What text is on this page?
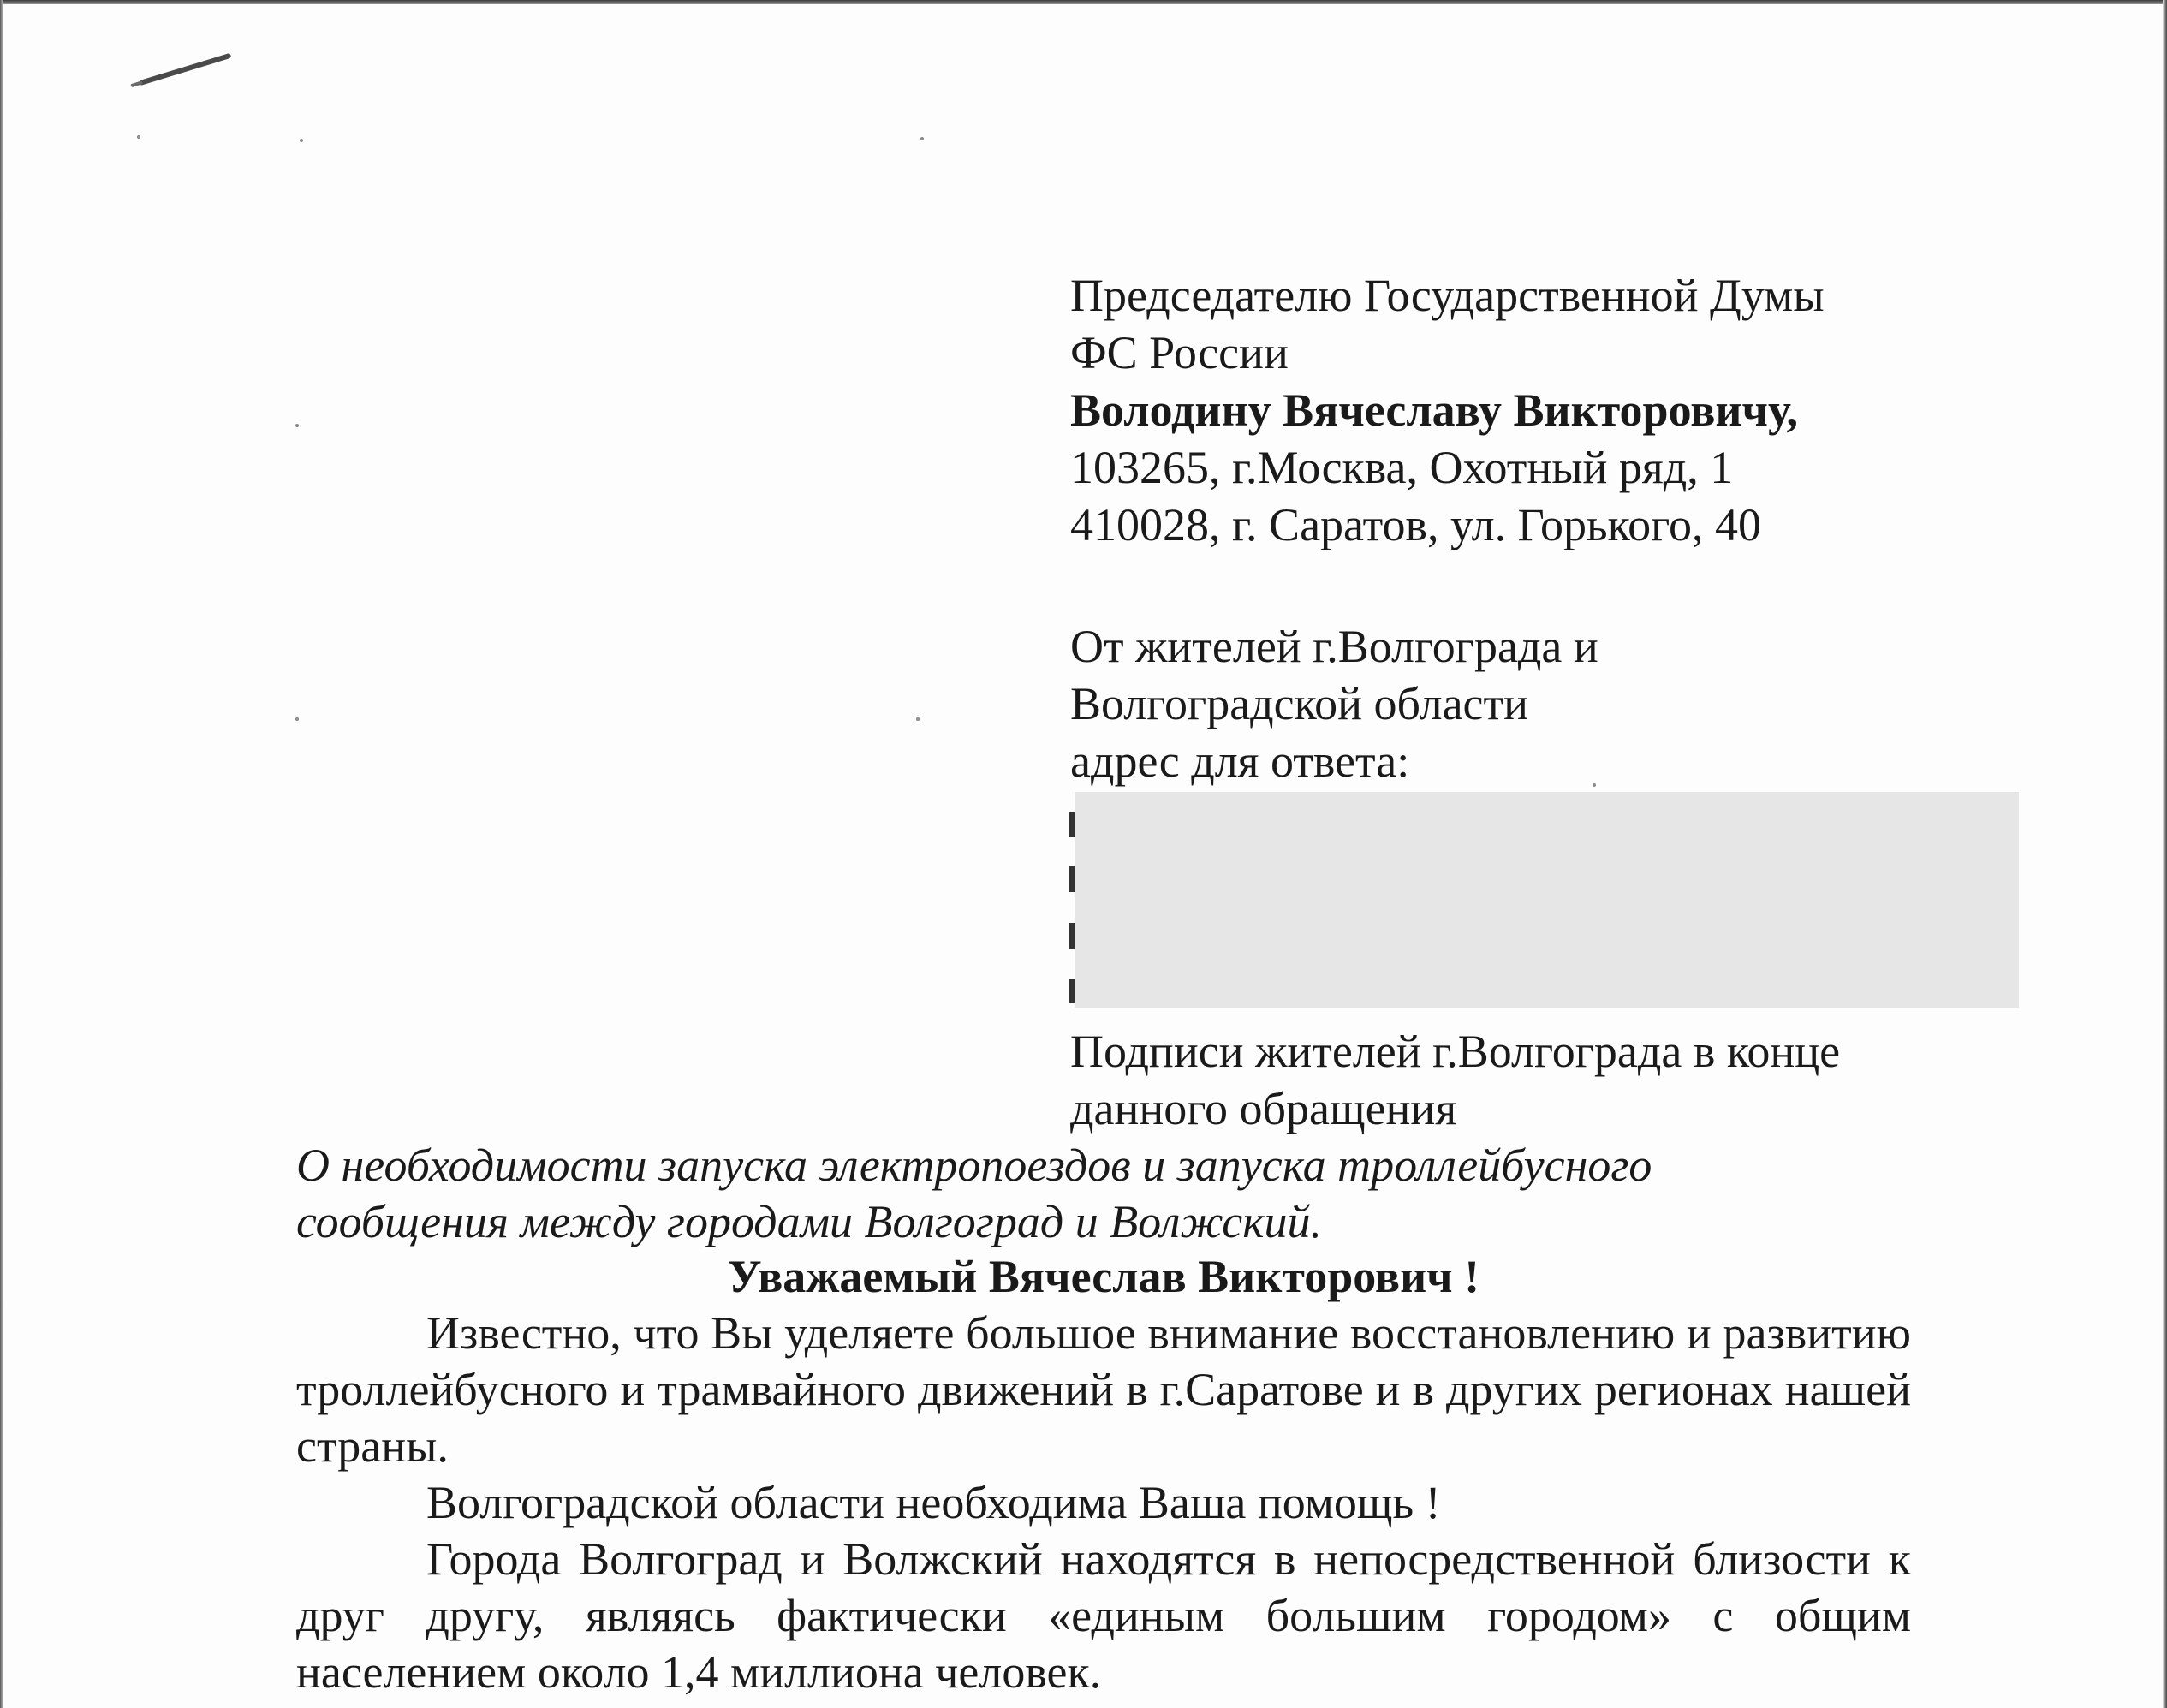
Председателю Государственной Думы
ФС России
Володину Вячеславу Викторовичу,
103265, г.Москва, Охотный ряд, 1
410028, г. Саратов, ул. Горького, 40
От жителей г.Волгограда и
Волгоградской области
адрес для ответа:
Подписи жителей г.Волгограда в конце
данного обращения
О необходимости запуска электропоездов и запуска троллейбусного
сообщения между городами Волгоград и Волжский.
Уважаемый Вячеслав Викторович !

Известно, что Вы уделяете большое внимание восстановлению и развитию троллейбусного и трамвайного движений в г.Саратове и в других регионах нашей страны.

Волгоградской области необходима Ваша помощь !

Города Волгоград и Волжский находятся в непосредственной близости к друг другу, являясь фактически «единым большим городом» с общим населением около 1,4 миллиона человек.
